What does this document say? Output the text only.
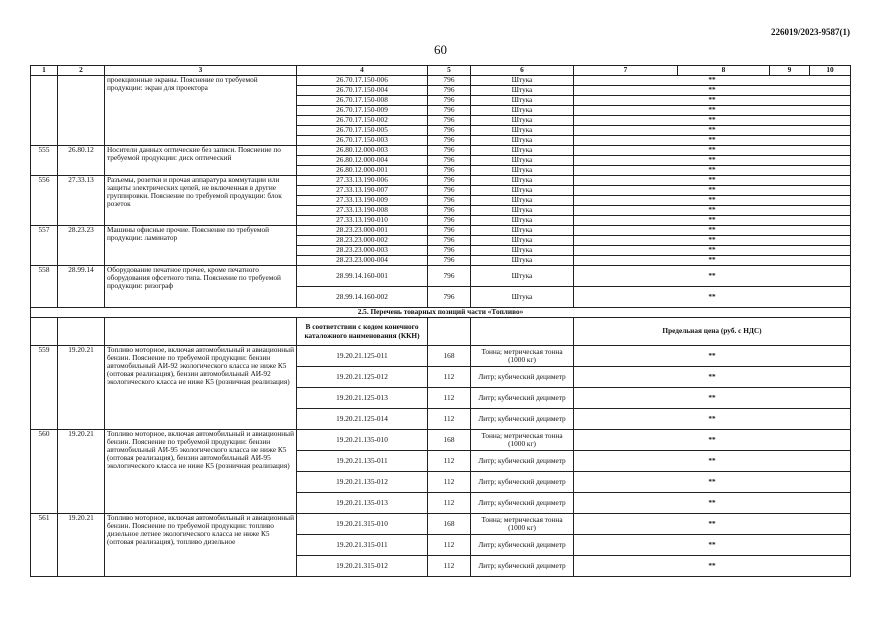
226019/2023-9587(1)
60
1	2	3	4	5	6	7	8	9	10
		проекционные экраны. Пояснение по требуемой продукции: экран для проектора	26.70.17.150-006	796	Штука	**			
			26.70.17.150-004	796	Штука	**			
			26.70.17.150-008	796	Штука	**			
			26.70.17.150-009	796	Штука	**			
			26.70.17.150-002	796	Штука	**			
			26.70.17.150-005	796	Штука	**			
			26.70.17.150-003	796	Штука	**			
555	26.80.12	Носители данных оптические без записи. Пояснение по требуемой продукции: диск оптический	26.80.12.000-003	796	Штука	**			
			26.80.12.000-004	796	Штука	**			
			26.80.12.000-001	796	Штука	**			
556	27.33.13	Разъемы, розетки и прочая аппаратура коммутации или защиты электрических цепей, не включенная в другие группировки. Пояснение по требуемой продукции: блок розеток	27.33.13.190-006	796	Штука	**			
			27.33.13.190-007	796	Штука	**			
			27.33.13.190-009	796	Штука	**			
			27.33.13.190-008	796	Штука	**			
			27.33.13.190-010	796	Штука	**			
557	28.23.23	Машины офисные прочие. Пояснение по требуемой продукции: ламинатор	28.23.23.000-001	796	Штука	**			
			28.23.23.000-002	796	Штука	**			
			28.23.23.000-003	796	Штука	**			
			28.23.23.000-004	796	Штука	**			
558	28.99.14	Оборудование печатное прочее, кроме печатного оборудования офсетного типа. Пояснение по требуемой продукции: ризограф	28.99.14.160-001	796	Штука	**			
			28.99.14.160-002	796	Штука	**			
2.5. Перечень товарных позиций части «Топливо»									
			В соответствии с кодом конечного каталожного наименования (ККН)			Предельная цена (руб. с НДС)			
559	19.20.21	Топливо моторное, включая автомобильный и авиационный бензин. Пояснение по требуемой продукции: бензин автомобильный АИ-92 экологического класса не ниже К5 (оптовая реализация), бензин автомобильный АИ-92 экологического класса не ниже К5 (розничная реализация)	19.20.21.125-011	168	Тонна; метрическая тонна (1000 кг)	**			
			19.20.21.125-012	112	Литр; кубический дециметр	**			
			19.20.21.125-013	112	Литр; кубический дециметр	**			
			19.20.21.125-014	112	Литр; кубический дециметр	**			
560	19.20.21	Топливо моторное, включая автомобильный и авиационный бензин. Пояснение по требуемой продукции: бензин автомобильный АИ-95 экологического класса не ниже К5 (оптовая реализация), бензин автомобильный АИ-95 экологического класса не ниже К5 (розничная реализация)	19.20.21.135-010	168	Тонна; метрическая тонна (1000 кг)	**			
			19.20.21.135-011	112	Литр; кубический дециметр	**			
			19.20.21.135-012	112	Литр; кубический дециметр	**			
			19.20.21.135-013	112	Литр; кубический дециметр	**			
561	19.20.21	Топливо моторное, включая автомобильный и авиационный бензин. Пояснение по требуемой продукции: топливо дизельное летнее экологического класса не ниже К5 (оптовая реализация), топливо дизельное	19.20.21.315-010	168	Тонна; метрическая тонна (1000 кг)	**			
			19.20.21.315-011	112	Литр; кубический дециметр	**			
			19.20.21.315-012	112	Литр; кубический дециметр	**			
